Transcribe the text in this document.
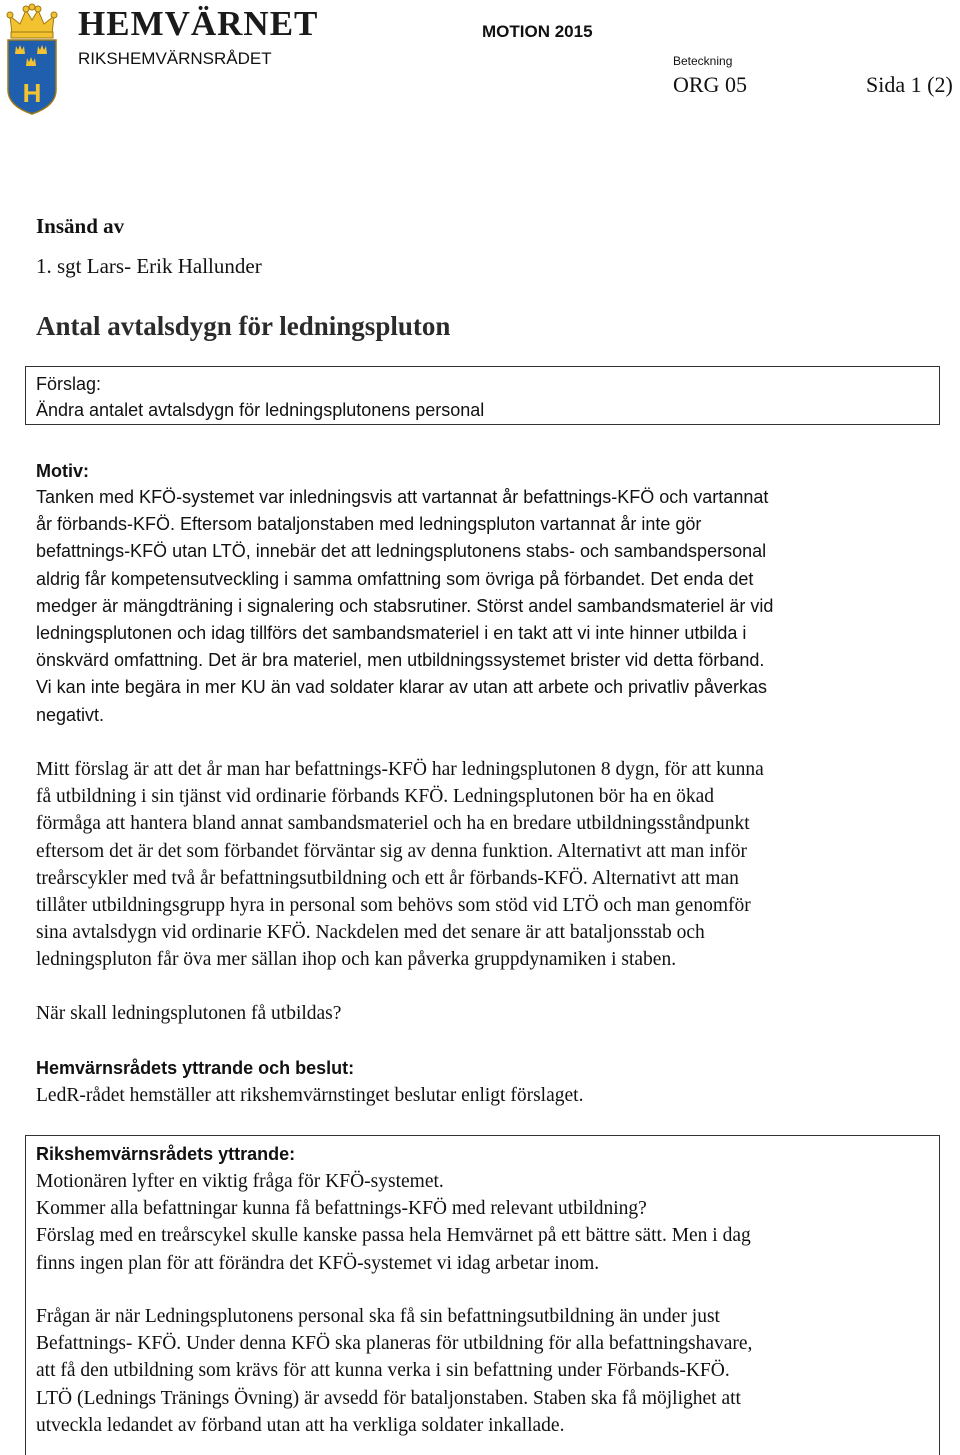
H
HEMVÄRNET
RIKSHEMVÄRNSRÅDET
MOTION 2015
Beteckning
ORG 05	Sida 1 (2)
Insänd av
1. sgt Lars- Erik Hallunder
Antal avtalsdygn för ledningspluton
Förslag:
Ändra antalet avtalsdygn för ledningsplutonens personal
Motiv:
Tanken med KFÖ-systemet var inledningsvis att vartannat år befattnings-KFÖ och vartannat
år förbands-KFÖ. Eftersom bataljonstaben med ledningspluton vartannat år inte gör
befattnings-KFÖ utan LTÖ, innebär det att ledningsplutonens stabs- och sambandspersonal
aldrig får kompetensutveckling i samma omfattning som övriga på förbandet. Det enda det
medger är mängdträning i signalering och stabsrutiner. Störst andel sambandsmateriel är vid
ledningsplutonen och idag tillförs det sambandsmateriel i en takt att vi inte hinner utbilda i
önskvärd omfattning. Det är bra materiel, men utbildningssystemet brister vid detta förband.
Vi kan inte begära in mer KU än vad soldater klarar av utan att arbete och privatliv påverkas
negativt.
Mitt förslag är att det år man har befattnings-KFÖ har ledningsplutonen 8 dygn, för att kunna
få utbildning i sin tjänst vid ordinarie förbands KFÖ. Ledningsplutonen bör ha en ökad
förmåga att hantera bland annat sambandsmateriel och ha en bredare utbildningsståndpunkt
eftersom det är det som förbandet förväntar sig av denna funktion. Alternativt att man inför
treårscykler med två år befattningsutbildning och ett år förbands-KFÖ. Alternativt att man
tillåter utbildningsgrupp hyra in personal som behövs som stöd vid LTÖ och man genomför
sina avtalsdygn vid ordinarie KFÖ. Nackdelen med det senare är att bataljonsstab och
ledningspluton får öva mer sällan ihop och kan påverka gruppdynamiken i staben.
När skall ledningsplutonen få utbildas?
Hemvärnsrådets yttrande och beslut:
LedR-rådet hemställer att rikshemvärnstinget beslutar enligt förslaget.
Rikshemvärnsrådets yttrande:
Motionären lyfter en viktig fråga för KFÖ-systemet.
Kommer alla befattningar kunna få befattnings-KFÖ med relevant utbildning?
Förslag med en treårscykel skulle kanske passa hela Hemvärnet på ett bättre sätt. Men i dag
finns ingen plan för att förändra det KFÖ-systemet vi idag arbetar inom.
Frågan är när Ledningsplutonens personal ska få sin befattningsutbildning än under just
Befattnings- KFÖ. Under denna KFÖ ska planeras för utbildning för alla befattningshavare,
att få den utbildning som krävs för att kunna verka i sin befattning under Förbands-KFÖ.
LTÖ (Lednings Tränings Övning) är avsedd för bataljonstaben. Staben ska få möjlighet att
utveckla ledandet av förband utan att ha verkliga soldater inkallade.
